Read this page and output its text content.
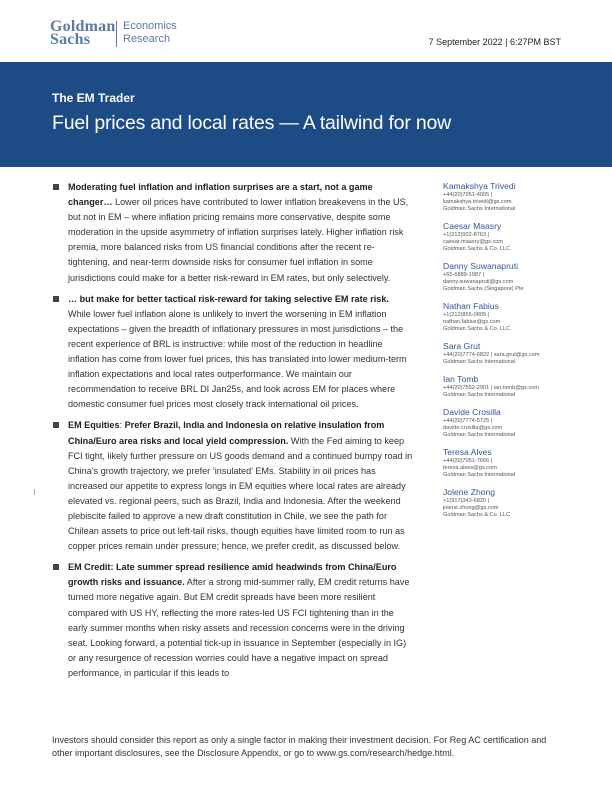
Goldman
Sachs
Economics
Research	7 September 2022 | 6:27PM BST
The EM Trader
Fuel prices and local rates — A tailwind for now
Moderating fuel inflation and inflation surprises are a start, not a game changer… Lower oil prices have contributed to lower inflation breakevens in the US, but not in EM – where inflation pricing remains more conservative, despite some moderation in the upside asymmetry of inflation surprises lately. Higher inflation risk premia, more balanced risks from US financial conditions after the recent re-tightening, and near-term downside risks for consumer fuel inflation in some jurisdictions could make for a better risk-reward in EM rates, but only selectively.
… but make for better tactical risk-reward for taking selective EM rate risk. While lower fuel inflation alone is unlikely to invert the worsening in EM inflation expectations – given the breadth of inflationary pressures in most jurisdictions – the recent experience of BRL is instructive: while most of the reduction in headline inflation has come from lower fuel prices, this has translated into lower medium-term inflation expectations and local rates outperformance. We maintain our recommendation to receive BRL DI Jan25s, and look across EM for places where domestic consumer fuel prices most closely track international oil prices.
EM Equities: Prefer Brazil, India and Indonesia on relative insulation from China/Euro area risks and local yield compression. With the Fed aiming to keep FCI tight, likely further pressure on US goods demand and a continued bumpy road in China’s growth trajectory, we prefer ‘insulated’ EMs. Stability in oil prices has increased our appetite to express longs in EM equities where local rates are already elevated vs. regional peers, such as Brazil, India and Indonesia. After the weekend plebiscite failed to approve a new draft constitution in Chile, we see the path for Chilean assets to price out left-tail risks, though equities have limited room to run as copper prices remain under pressure; hence, we prefer credit, as discussed below.
EM Credit: Late summer spread resilience amid headwinds from China/Euro growth risks and issuance. After a strong mid-summer rally, EM credit returns have turned more negative again. But EM credit spreads have been more resilient compared with US HY, reflecting the more rates-led US FCI tightening than in the early summer months when risky assets and recession concerns were in the driving seat. Looking forward, a potential tick-up in issuance in September (especially in IG) or any resurgence of recession worries could have a negative impact on spread performance, in particular if this leads to
Kamakshya Trivedi
+44(20)7051-4005 |
kamakshya.trivedi@gs.com
Goldman Sachs International
Caesar Maasry
+1(212)902-8763 |
caesar.maasry@gs.com
Goldman Sachs & Co. LLC
Danny Suwanapruti
+65-6889-1987 |
danny.suwanapruti@gs.com
Goldman Sachs (Singapore) Pte
Nathan Fabius
+1(212)855-0805 |
nathan.fabius@gs.com
Goldman Sachs & Co. LLC
Sara Grut
+44(20)7774-6822 | sara.grut@gs.com
Goldman Sachs International
Ian Tomb
+44(20)7552-2901 | ian.tomb@gs.com
Goldman Sachs International
Davide Crosilla
+44(20)7774-5725 |
davide.crosilla@gs.com
Goldman Sachs International
Teresa Alves
+44(20)7051-7666 |
teresa.alves@gs.com
Goldman Sachs International
Jolene Zhong
+1(917)343-6820 |
jolene.zhong@gs.com
Goldman Sachs & Co. LLC
Investors should consider this report as only a single factor in making their investment decision. For Reg AC certification and other important disclosures, see the Disclosure Appendix, or go to www.gs.com/research/hedge.html.
